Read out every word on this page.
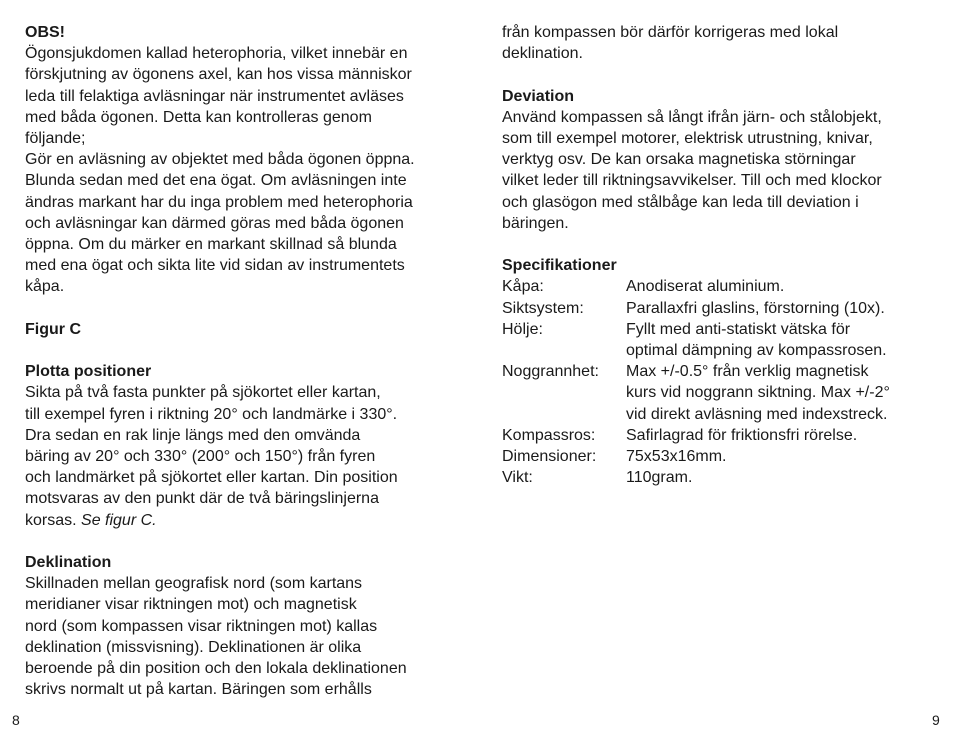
OBS!

Ögonsjukdomen kallad heterophoria, vilket innebär en

förskjutning av ögonens axel, kan hos vissa människor

leda till felaktiga avläsningar när instrumentet avläses

med båda ögonen. Detta kan kontrolleras genom

följande;

Gör en avläsning av objektet med båda ögonen öppna.

Blunda sedan med det ena ögat. Om avläsningen inte

ändras markant har du inga problem med heterophoria

och avläsningar kan därmed göras med båda ögonen

öppna. Om du märker en markant skillnad så blunda

med ena ögat och sikta lite vid sidan av instrumentets

kåpa.

Figur C

Plotta positioner

Sikta på två fasta punkter på sjökortet eller kartan,

till exempel fyren i riktning 20° och landmärke i 330°.

Dra sedan en rak linje längs med den omvända

bäring av 20° och 330° (200° och 150°) från fyren

och landmärket på sjökortet eller kartan. Din position

motsvaras av den punkt där de två bäringslinjerna

korsas. Se figur C.

Deklination

Skillnaden mellan geografisk nord (som kartans

meridianer visar riktningen mot) och magnetisk

nord (som kompassen visar riktningen mot) kallas

deklination (missvisning). Deklinationen är olika

beroende på din position och den lokala deklinationen

skrivs normalt ut på kartan. Bäringen som erhålls

från kompassen bör därför korrigeras med lokal

deklination.

Deviation

Använd kompassen så långt ifrån järn- och stålobjekt,

som till exempel motorer, elektrisk utrustning, knivar,

verktyg osv. De kan orsaka magnetiska störningar

vilket leder till riktningsavvikelser. Till och med klockor

och glasögon med stålbåge kan leda till deviation i

bäringen.

Specifikationer

Kåpa:	Anodiserat aluminium.

Siktsystem:	Parallaxfri glaslins, förstorning (10x).

Hölje:	Fyllt med anti-statiskt vätska för

optimal dämpning av kompassrosen.

Noggrannhet:	Max +/-0.5° från verklig magnetisk

kurs vid noggrann siktning. Max +/-2°

vid direkt avläsning med indexstreck.

Kompassros:	Safirlagrad för friktionsfri rörelse.

Dimensioner:	75x53x16mm.

Vikt:	110gram.

8	9
